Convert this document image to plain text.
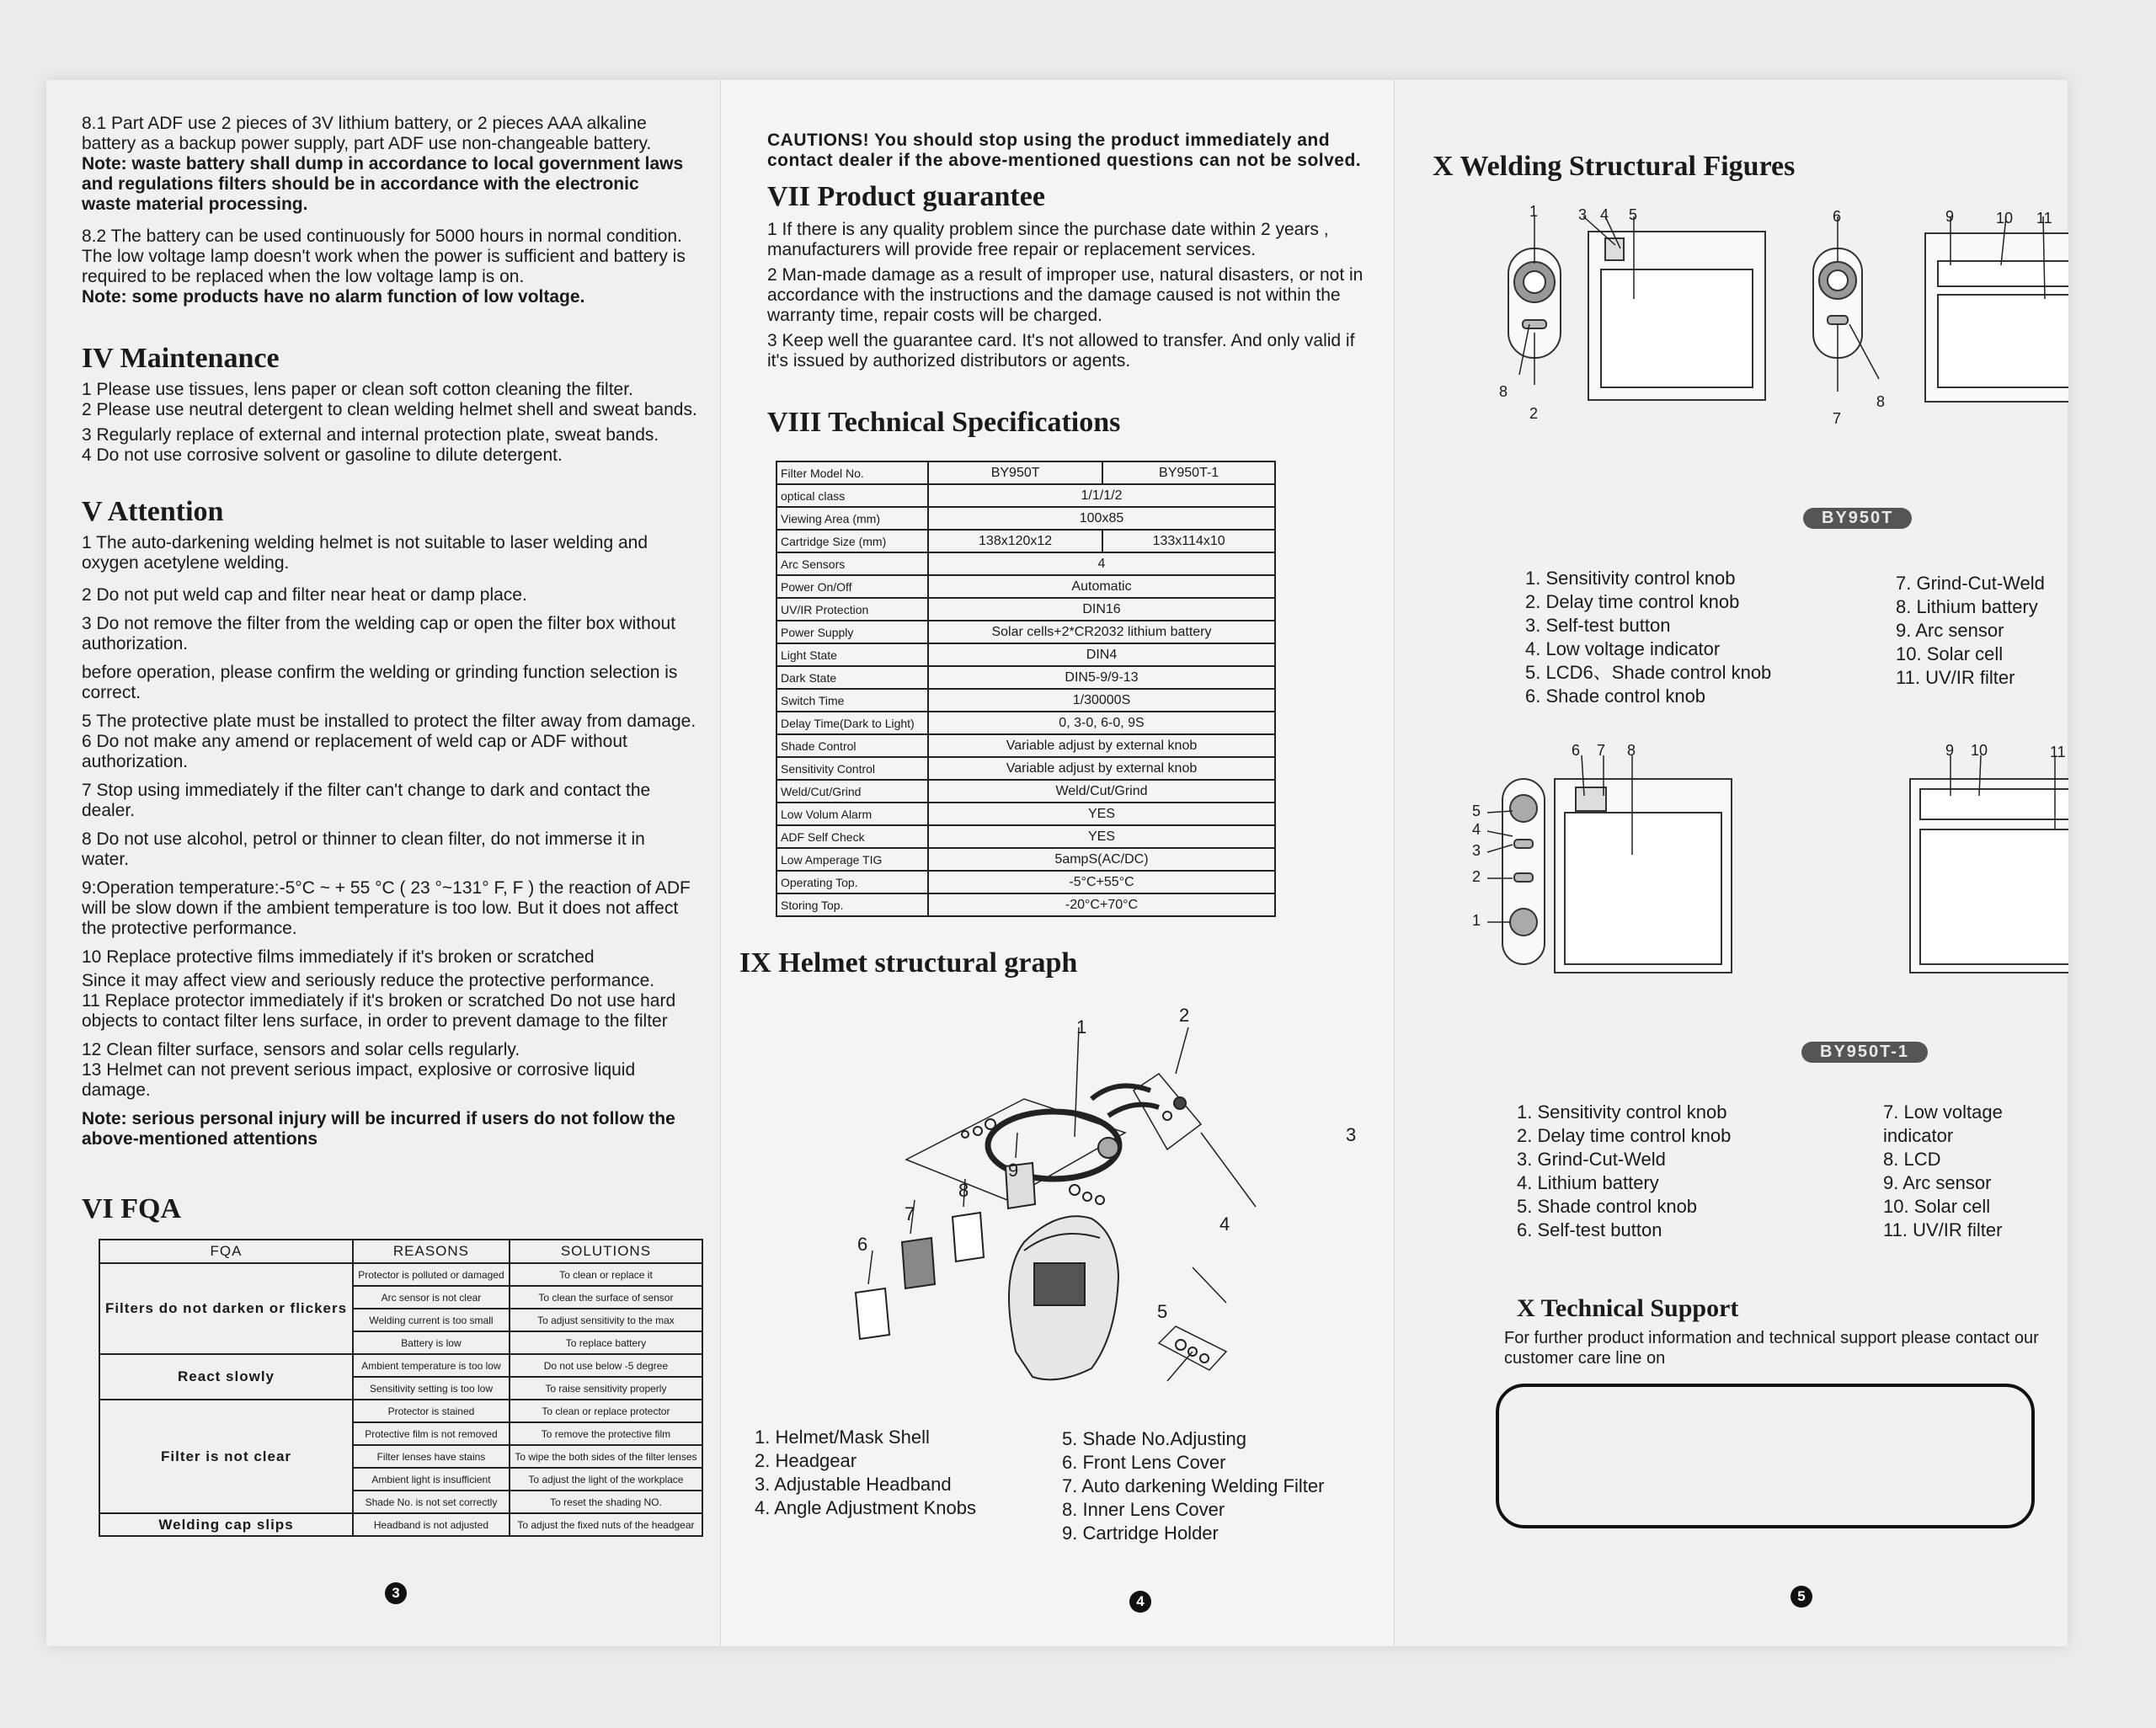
8.1 Part ADF use 2 pieces of 3V lithium battery, or 2 pieces AAA alkaline battery as a backup power supply, part ADF use non-changeable battery.

Note: waste battery shall dump in accordance to local government laws and regulations filters should be in accordance with the electronic waste material processing.

8.2 The battery can be used continuously for 5000 hours in normal condition. The low voltage lamp doesn't work when the power is sufficient and battery is required to be replaced when the low voltage lamp is on.

Note: some products have no alarm function of low voltage.

IV Maintenance

1 Please use tissues, lens paper or clean soft cotton cleaning the filter.

2 Please use neutral detergent to clean welding helmet shell and sweat bands.

3 Regularly replace of external and internal protection plate, sweat bands.

4 Do not use corrosive solvent or gasoline to dilute detergent.

V Attention

1 The auto-darkening welding helmet is not suitable to laser welding and oxygen acetylene welding.

2 Do not put weld cap and filter near heat or damp place.

3 Do not remove the filter from the welding cap or open the filter box without authorization.

before operation, please confirm the welding or grinding function selection is correct.

5 The protective plate must be installed to protect the filter away from damage.

6 Do not make any amend or replacement of weld cap or ADF without authorization.

7 Stop using immediately if the filter can't change to dark and contact the dealer.

8 Do not use alcohol, petrol or thinner to clean filter, do not immerse it in water.

9:Operation temperature:-5°C ~ + 55 °C ( 23 °~131° F, F ) the reaction of ADF will be slow down if the ambient temperature is too low. But it does not affect the protective performance.

10 Replace protective films immediately if it's broken or scratched

Since it may affect view and seriously reduce the protective performance.

11 Replace protector immediately if it's broken or scratched Do not use hard objects to contact filter lens surface, in order to prevent damage to the filter

12 Clean filter surface, sensors and solar cells regularly.

13 Helmet can not prevent serious impact, explosive or corrosive liquid damage.

Note: serious personal injury will be incurred if users do not follow the above-mentioned attentions

VI FQA
FQA	REASONS	SOLUTIONS
Filters do not darken or flickers	Protector is polluted or damaged	To clean or replace it
	Arc sensor is not clear	To clean the surface of sensor
	Welding current is too small	To adjust sensitivity to the max
	Battery is low	To replace battery
React slowly	Ambient temperature is too low	Do not use below -5 degree
	Sensitivity setting is too low	To raise sensitivity properly
Filter is not clear	Protector is stained	To clean or replace protector
	Protective film is not removed	To remove the protective film
	Filter lenses have stains	To wipe the both sides of the filter lenses
	Ambient light is insufficient	To adjust the light of the workplace
	Shade No. is not set correctly	To reset the shading NO.
Welding cap slips	Headband is not adjusted	To adjust the fixed nuts of the headgear
3

CAUTIONS! You should stop using the product immediately and contact dealer if the above-mentioned questions can not be solved.

VII Product guarantee

1 If there is any quality problem since the purchase date within 2 years , manufacturers will provide free repair or replacement services.

2 Man-made damage as a result of improper use, natural disasters, or not in accordance with the instructions and the damage caused is not within the warranty time, repair costs will be charged.

3 Keep well the guarantee card. It's not allowed to transfer. And only valid if it's issued by authorized distributors or agents.

VIII Technical Specifications
Filter Model No.	BY950T	BY950T-1
optical class	1/1/1/2	
Viewing Area (mm)	100x85	
Cartridge Size (mm)	138x120x12	133x114x10
Arc Sensors	4	
Power On/Off	Automatic	
UV/IR Protection	DIN16	
Power Supply	Solar cells+2*CR2032 lithium battery	
Light State	DIN4	
Dark State	DIN5-9/9-13	
Switch Time	1/30000S	
Delay Time(Dark to Light)	0, 3-0, 6-0, 9S	
Shade Control	Variable adjust by external knob	
Sensitivity Control	Variable adjust by external knob	
Weld/Cut/Grind	Weld/Cut/Grind	
Low Volum Alarm	YES	
ADF Self Check	YES	
Low Amperage TIG	5ampS(AC/DC)	
Operating Top.	-5°C+55°C	
Storing Top.	-20°C+70°C	
IX Helmet structural graph
1
2
3
4
5
6
7
8
9
1. Helmet/Mask Shell
2. Headgear
3. Adjustable Headband
4. Angle Adjustment Knobs
5. Shade No.Adjusting
6. Front Lens Cover
7. Auto darkening Welding Filter
8. Inner Lens Cover
9. Cartridge Holder
4
X Welding Structural Figures
1	3 4 5	6	9	10 11
8
2	7
8
BY950T
1. Sensitivity control knob
2. Delay time control knob
3. Self-test button
4. Low voltage indicator
5. LCD6、Shade control knob
6. Shade control knob
7. Grind-Cut-Weld
8. Lithium battery
9. Arc sensor
10. Solar cell
11. UV/IR filter
6 7 8	9 10	11
5
4
3
2
1
BY950T-1
1. Sensitivity control knob
2. Delay time control knob
3. Grind-Cut-Weld
4. Lithium battery
5. Shade control knob
6. Self-test button
7. Low voltage indicator
8. LCD
9. Arc sensor
10. Solar cell
11. UV/IR filter
X Technical Support

For further product information and technical support please contact our customer care line on

5
